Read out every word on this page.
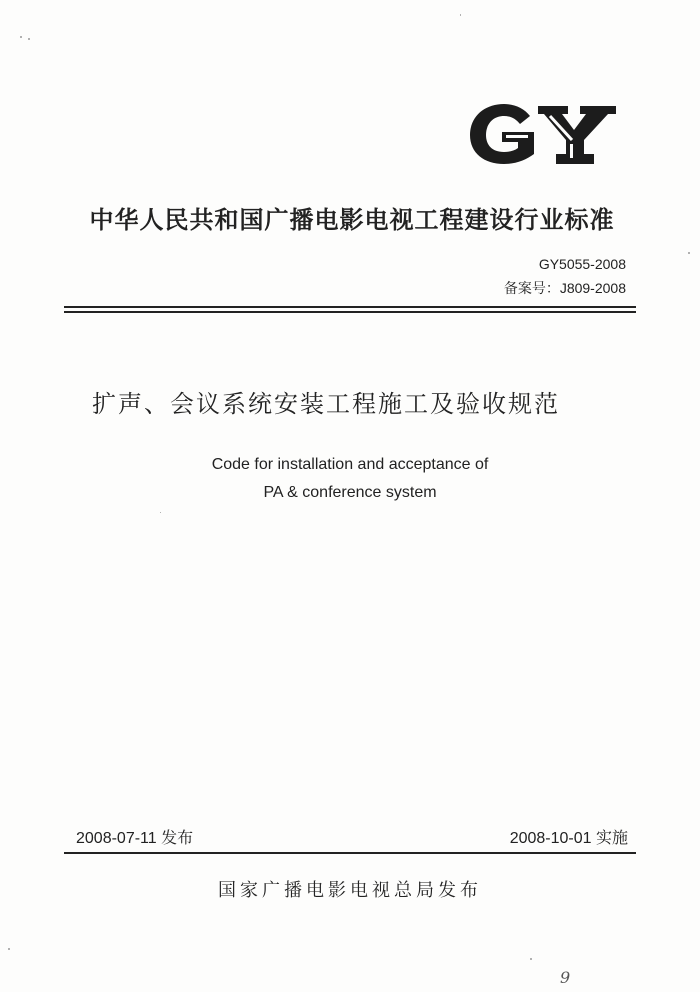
中华人民共和国广播电影电视工程建设行业标准
GY5055-2008
备案号：J809-2008
扩声、会议系统安装工程施工及验收规范
Code for installation and acceptance of
PA & conference system
2008-07-11 发布	2008-10-01 实施
国家广播电影电视总局发布
9
